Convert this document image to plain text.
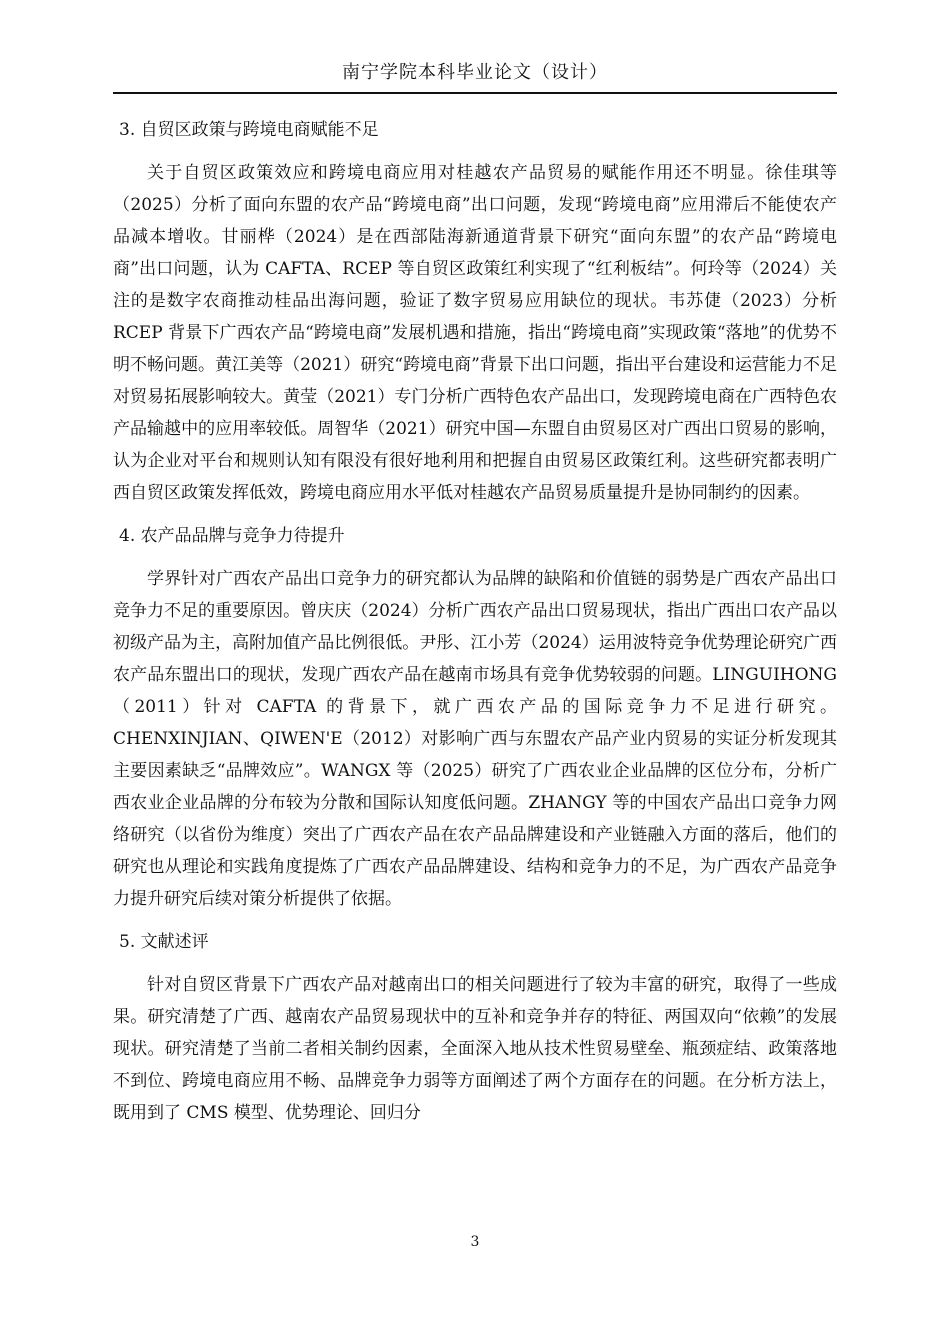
南宁学院本科毕业论文（设计）

3. 自贸区政策与跨境电商赋能不足

关于自贸区政策效应和跨境电商应用对桂越农产品贸易的赋能作用还不明显。徐佳琪等（2025）分析了面向东盟的农产品“跨境电商”出口问题，发现“跨境电商”应用滞后不能使农产品减本增收。甘丽桦（2024）是在西部陆海新通道背景下研究“面向东盟”的农产品“跨境电商”出口问题，认为 CAFTA、RCEP 等自贸区政策红利实现了“红利板结”。何玲等（2024）关注的是数字农商推动桂品出海问题，验证了数字贸易应用缺位的现状。韦苏倢（2023）分析 RCEP 背景下广西农产品“跨境电商”发展机遇和措施，指出“跨境电商”实现政策“落地”的优势不明不畅问题。黄江美等（2021）研究“跨境电商”背景下出口问题，指出平台建设和运营能力不足对贸易拓展影响较大。黄莹（2021）专门分析广西特色农产品出口，发现跨境电商在广西特色农产品输越中的应用率较低。周智华（2021）研究中国—东盟自由贸易区对广西出口贸易的影响，认为企业对平台和规则认知有限没有很好地利用和把握自由贸易区政策红利。这些研究都表明广西自贸区政策发挥低效，跨境电商应用水平低对桂越农产品贸易质量提升是协同制约的因素。

4. 农产品品牌与竞争力待提升

学界针对广西农产品出口竞争力的研究都认为品牌的缺陷和价值链的弱势是广西农产品出口竞争力不足的重要原因。曾庆庆（2024）分析广西农产品出口贸易现状，指出广西出口农产品以初级产品为主，高附加值产品比例很低。尹彤、江小芳（2024）运用波特竞争优势理论研究广西农产品东盟出口的现状，发现广西农产品在越南市场具有竞争优势较弱的问题。LINGUIHONG（2011）针对 CAFTA 的背景下，就广西农产品的国际竞争力不足进行研究。CHENXINJIAN、QIWEN'E（2012）对影响广西与东盟农产品产业内贸易的实证分析发现其主要因素缺乏“品牌效应”。WANGX 等（2025）研究了广西农业企业品牌的区位分布，分析广西农业企业品牌的分布较为分散和国际认知度低问题。ZHANGY 等的中国农产品出口竞争力网络研究（以省份为维度）突出了广西农产品在农产品品牌建设和产业链融入方面的落后，他们的研究也从理论和实践角度提炼了广西农产品品牌建设、结构和竞争力的不足，为广西农产品竞争力提升研究后续对策分析提供了依据。

5. 文献述评

针对自贸区背景下广西农产品对越南出口的相关问题进行了较为丰富的研究，取得了一些成果。研究清楚了广西、越南农产品贸易现状中的互补和竞争并存的特征、两国双向“依赖”的发展现状。研究清楚了当前二者相关制约因素，全面深入地从技术性贸易壁垒、瓶颈症结、政策落地不到位、跨境电商应用不畅、品牌竞争力弱等方面阐述了两个方面存在的问题。在分析方法上，既用到了 CMS 模型、优势理论、回归分

3
